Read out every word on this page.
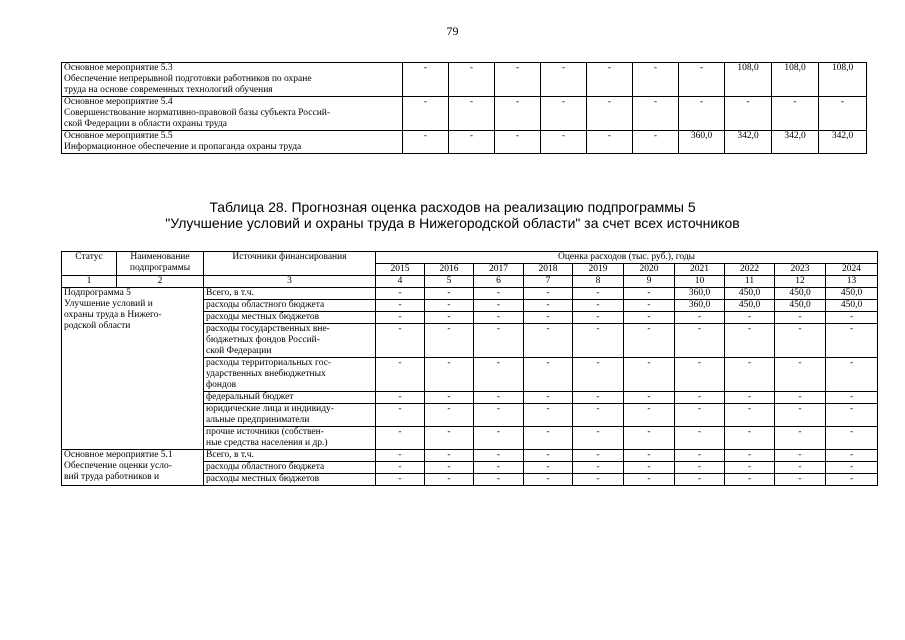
79
Основное мероприятие 5.3
Обеспечение непрерывной подготовки работников по охране
труда на основе современных технологий обучения	-	-	-	-	-	-	-	108,0	108,0	108,0

Основное мероприятие 5.4
Совершенствование нормативно-правовой базы субъекта Россий-
ской Федерации в области охраны труда	-	-	-	-	-	-	-	-	-	-

Основное мероприятие 5.5
Информационное обеспечение и пропаганда охраны труда	-	-	-	-	-	-	360,0	342,0	342,0	342,0
Таблица 28. Прогнозная оценка расходов на реализацию подпрограммы 5
"Улучшение условий и охраны труда в Нижегородской области" за счет всех источников
Статус	Наименование подпрограммы	Источники финансирования	Оценка расходов (тыс. руб.), годы									
			2015	2016	2017	2018	2019	2020	2021	2022	2023	2024
1	2	3	4	5	6	7	8	9	10	11	12	13

Подпрограмма 5
Улучшение условий и
охраны труда в Нижего-
родской области		Всего, в т.ч.	-	-	-	-	-	-	360,0	450,0	450,0	450,0

		расходы областного бюджета	-	-	-	-	-	-	360,0	450,0	450,0	450,0

		расходы местных бюджетов	-	-	-	-	-	-	-	-	-	-

		расходы государственных вне-
бюджетных фондов Россий-
ской Федерации	-	-	-	-	-	-	-	-	-	-

		расходы территориальных гос-
ударственных внебюджетных
фондов	-	-	-	-	-	-	-	-	-	-

		федеральный бюджет	-	-	-	-	-	-	-	-	-	-

		юридические лица и индивиду-
альные предприниматели	-	-	-	-	-	-	-	-	-	-

		прочие источники (собствен-
ные средства населения и др.)	-	-	-	-	-	-	-	-	-	-

Основное мероприятие 5.1
Обеспечение оценки усло-
вий труда работников и		Всего, в т.ч.	-	-	-	-	-	-	-	-	-	-

		расходы областного бюджета	-	-	-	-	-	-	-	-	-	-

		расходы местных бюджетов	-	-	-	-	-	-	-	-	-	-
